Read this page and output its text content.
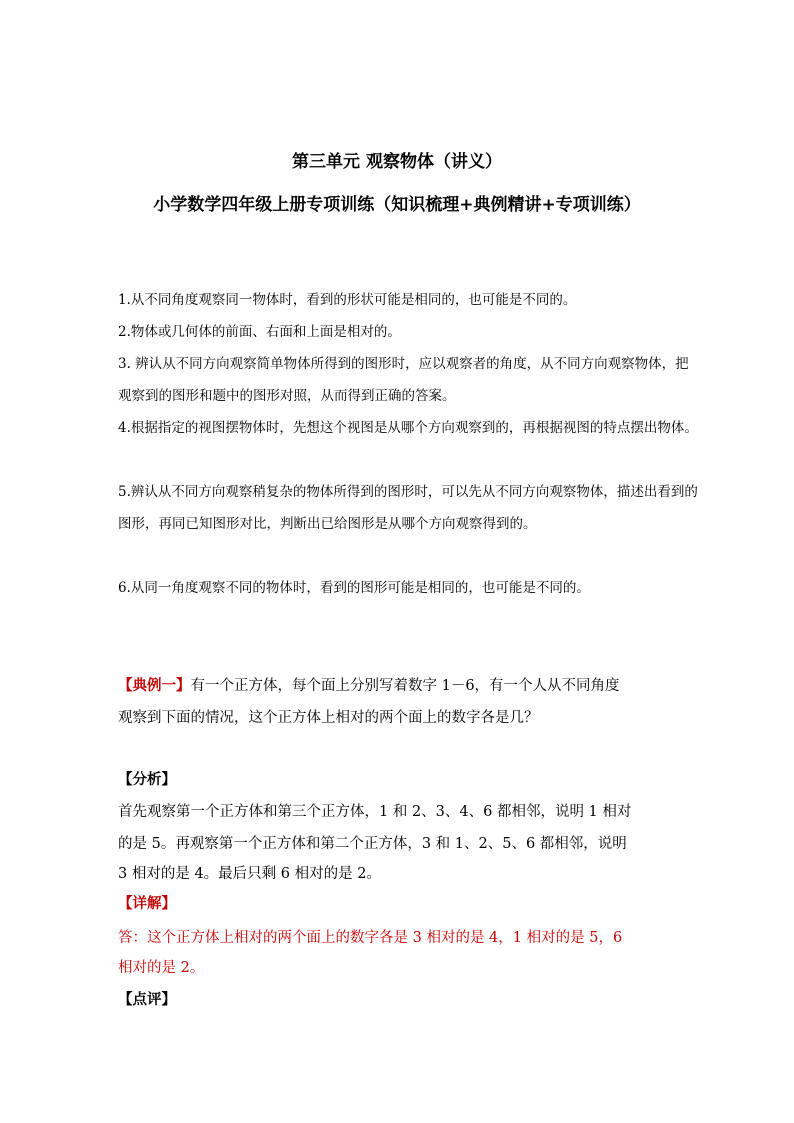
第三单元 观察物体（讲义）
小学数学四年级上册专项训练（知识梳理+典例精讲+专项训练）

1.从不同角度观察同一物体时，看到的形状可能是相同的，也可能是不同的。

2.物体或几何体的前面、右面和上面是相对的。

3. 辨认从不同方向观察简单物体所得到的图形时，应以观察者的角度，从不同方向观察物体，把观察到的图形和题中的图形对照，从而得到正确的答案。

4.根据指定的视图摆物体时，先想这个视图是从哪个方向观察到的，再根据视图的特点摆出物体。

5.辨认从不同方向观察稍复杂的物体所得到的图形时，可以先从不同方向观察物体，描述出看到的图形，再同已知图形对比，判断出已给图形是从哪个方向观察得到的。

6.从同一角度观察不同的物体时，看到的图形可能是相同的，也可能是不同的。

【典例一】有一个正方体，每个面上分别写着数字 1－6，有一个人从不同角度
观察到下面的情况，这个正方体上相对的两个面上的数字各是几？
【分析】
首先观察第一个正方体和第三个正方体，1 和 2、3、4、6 都相邻，说明 1 相对
的是 5。再观察第一个正方体和第二个正方体，3 和 1、2、5、6 都相邻，说明
3 相对的是 4。最后只剩 6 相对的是 2。
【详解】
答：这个正方体上相对的两个面上的数字各是 3 相对的是 4，1 相对的是 5，6
相对的是 2。
【点评】
